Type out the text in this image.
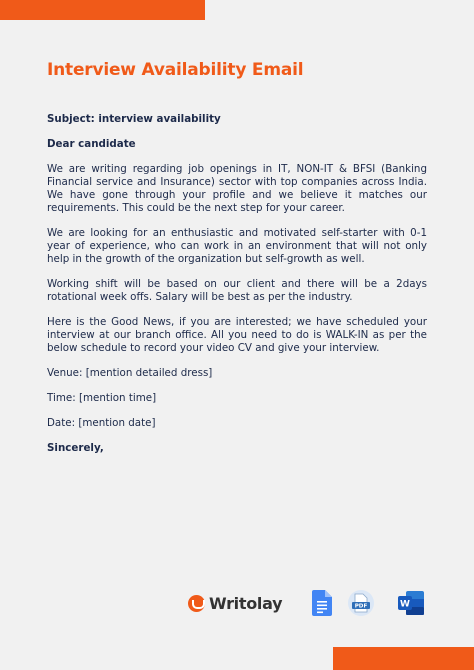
Interview Availability Email

Subject: interview availability

Dear candidate

We are writing regarding job openings in IT, NON-IT & BFSI (Banking Financial service and Insurance) sector with top companies across India. We have gone through your profile and we believe it matches our requirements. This could be the next step for your career.

We are looking for an enthusiastic and motivated self-starter with 0-1 year of experience, who can work in an environment that will not only help in the growth of the organization but self-growth as well.

Working shift will be based on our client and there will be a 2days rotational week offs. Salary will be best as per the industry.

Here is the Good News, if you are interested; we have scheduled your interview at our branch office. All you need to do is WALK-IN as per the below schedule to record your video CV and give your interview.

Venue: [mention detailed dress]

Time: [mention time]

Date: [mention date]

Sincerely,

Writolay	PDF	W
